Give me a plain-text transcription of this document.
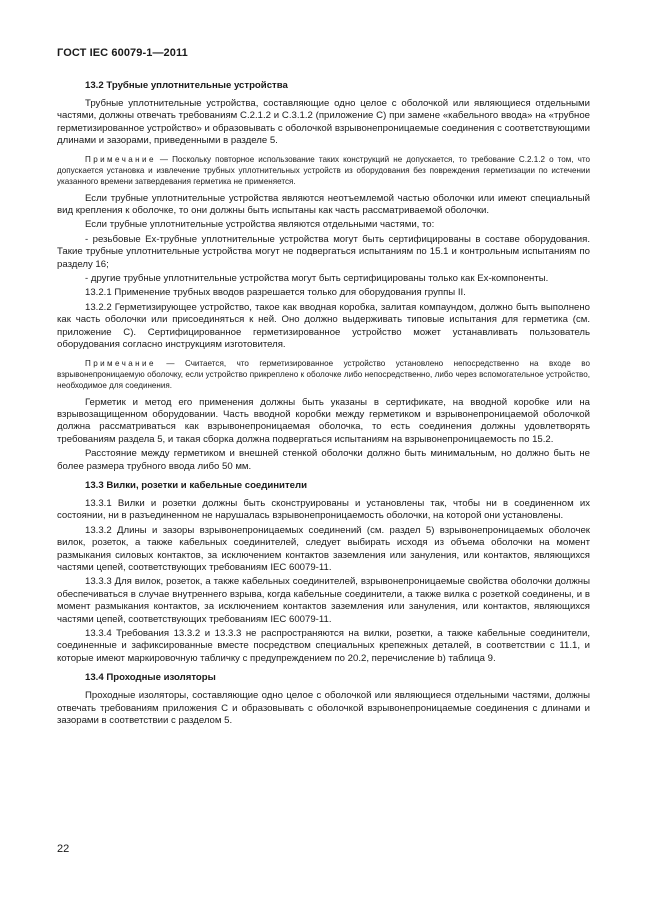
ГОСТ IEC 60079-1—2011
13.2 Трубные уплотнительные устройства

Трубные уплотнительные устройства, составляющие одно целое с оболочкой или являющиеся отдельными частями, должны отвечать требованиям С.2.1.2 и С.3.1.2 (приложение С) при замене «кабельного ввода» на «трубное герметизированное устройство» и образовывать с оболочкой взрывонепроницаемые соединения с соответствующими длинами и зазорами, приведенными в разделе 5.

Примечание — Поскольку повторное использование таких конструкций не допускается, то требование С.2.1.2 о том, что допускается установка и извлечение трубных уплотнительных устройств из оборудования без повреждения герметизации по истечении указанного времени затвердевания герметика не применяется.

Если трубные уплотнительные устройства являются неотъемлемой частью оболочки или имеют специальный вид крепления к оболочке, то они должны быть испытаны как часть рассматриваемой оболочки.

Если трубные уплотнительные устройства являются отдельными частями, то:

- резьбовые Ex-трубные уплотнительные устройства могут быть сертифицированы в составе оборудования. Такие трубные уплотнительные устройства могут не подвергаться испытаниям по 15.1 и контрольным испытаниям по разделу 16;

- другие трубные уплотнительные устройства могут быть сертифицированы только как Ex-компоненты.

13.2.1 Применение трубных вводов разрешается только для оборудования группы II.

13.2.2 Герметизирующее устройство, такое как вводная коробка, залитая компаундом, должно быть выполнено как часть оболочки или присоединяться к ней. Оно должно выдерживать типовые испытания для герметика (см. приложение С). Сертифицированное герметизированное устройство может устанавливать пользователь оборудования согласно инструкциям изготовителя.

Примечание — Считается, что герметизированное устройство установлено непосредственно на входе во взрывонепроницаемую оболочку, если устройство прикреплено к оболочке либо непосредственно, либо через вспомогательное устройство, необходимое для соединения.

Герметик и метод его применения должны быть указаны в сертификате, на вводной коробке или на взрывозащищенном оборудовании. Часть вводной коробки между герметиком и взрывонепроницаемой оболочкой должна рассматриваться как взрывонепроницаемая оболочка, то есть соединения должны удовлетворять требованиям раздела 5, и такая сборка должна подвергаться испытаниям на взрывонепроницаемость по 15.2.

Расстояние между герметиком и внешней стенкой оболочки должно быть минимальным, но должно быть не более размера трубного ввода либо 50 мм.

13.3 Вилки, розетки и кабельные соединители

13.3.1 Вилки и розетки должны быть сконструированы и установлены так, чтобы ни в соединенном их состоянии, ни в разъединенном не нарушалась взрывонепроницаемость оболочки, на которой они установлены.

13.3.2 Длины и зазоры взрывонепроницаемых соединений (см. раздел 5) взрывонепроницаемых оболочек вилок, розеток, а также кабельных соединителей, следует выбирать исходя из объема оболочки на момент размыкания силовых контактов, за исключением контактов заземления или зануления, или контактов, являющихся частями цепей, соответствующих требованиям IEC 60079-11.

13.3.3 Для вилок, розеток, а также кабельных соединителей, взрывонепроницаемые свойства оболочки должны обеспечиваться в случае внутреннего взрыва, когда кабельные соединители, а также вилка с розеткой соединены, и в момент размыкания контактов, за исключением контактов заземления или зануления, или контактов, являющихся частями цепей, соответствующих требованиям IEC 60079-11.

13.3.4 Требования 13.3.2 и 13.3.3 не распространяются на вилки, розетки, а также кабельные соединители, соединенные и зафиксированные вместе посредством специальных крепежных деталей, в соответствии с 11.1, и которые имеют маркировочную табличку с предупреждением по 20.2, перечисление b) таблица 9.

13.4 Проходные изоляторы

Проходные изоляторы, составляющие одно целое с оболочкой или являющиеся отдельными частями, должны отвечать требованиям приложения С и образовывать с оболочкой взрывонепроницаемые соединения с длинами и зазорами в соответствии с разделом 5.

22
